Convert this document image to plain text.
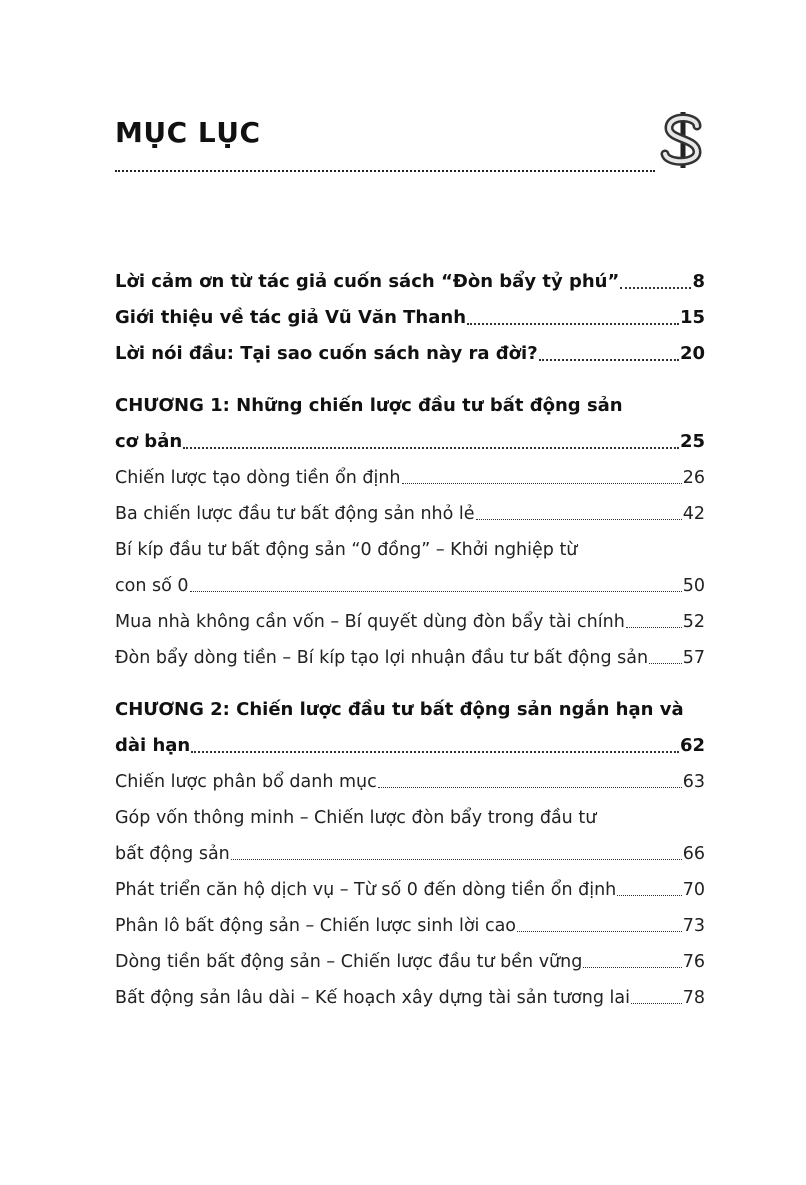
MỤC LỤC
Lời cảm ơn từ tác giả cuốn sách “Đòn bẩy tỷ phú”	8
Giới thiệu về tác giả Vũ Văn Thanh	15
Lời nói đầu: Tại sao cuốn sách này ra đời?	20
CHƯƠNG 1: Những chiến lược đầu tư bất động sản
cơ bản	25
Chiến lược tạo dòng tiền ổn định	26
Ba chiến lược đầu tư bất động sản nhỏ lẻ	42
Bí kíp đầu tư bất động sản “0 đồng” – Khởi nghiệp từ
con số 0	50
Mua nhà không cần vốn – Bí quyết dùng đòn bẩy tài chính	52
Đòn bẩy dòng tiền – Bí kíp tạo lợi nhuận đầu tư bất động sản 57
CHƯƠNG 2: Chiến lược đầu tư bất động sản ngắn hạn và
dài hạn	62
Chiến lược phân bổ danh mục	63
Góp vốn thông minh – Chiến lược đòn bẩy trong đầu tư
bất động sản	66
Phát triển căn hộ dịch vụ – Từ số 0 đến dòng tiền ổn định	70
Phân lô bất động sản – Chiến lược sinh lời cao	73
Dòng tiền bất động sản – Chiến lược đầu tư bền vững	76
Bất động sản lâu dài – Kế hoạch xây dựng tài sản tương lai	78
